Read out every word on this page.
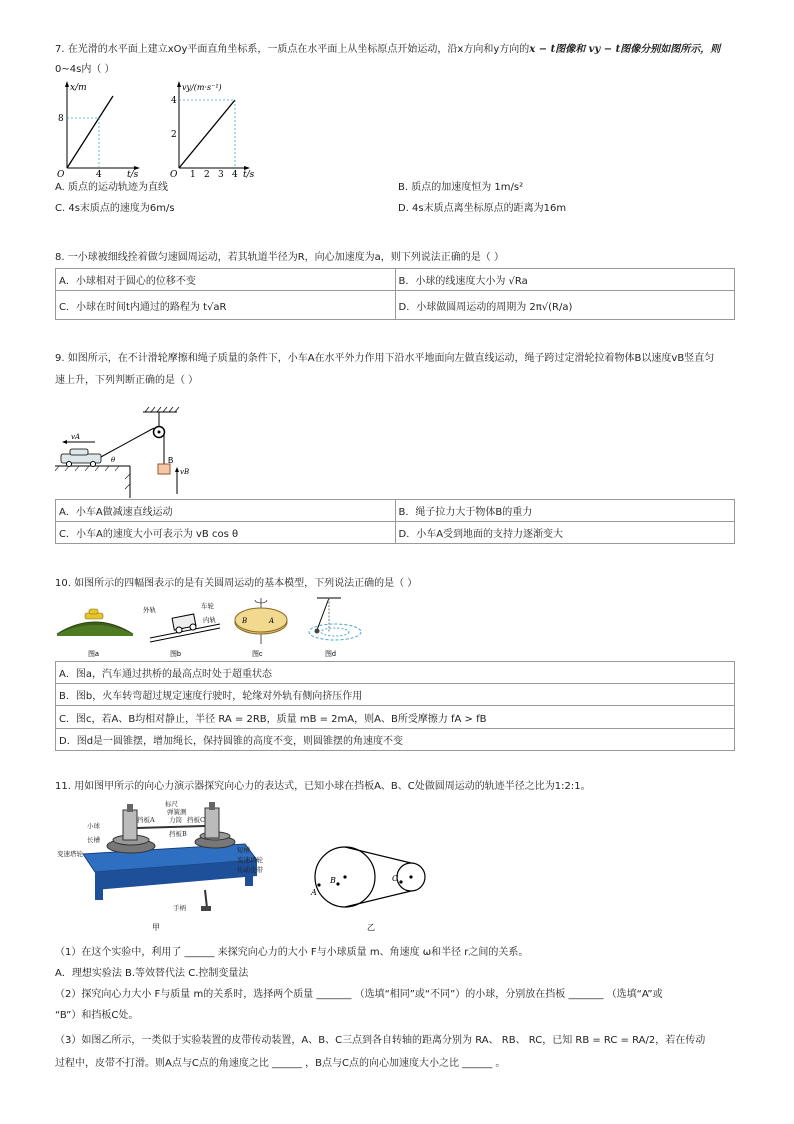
7. 在光滑的水平面上建立xOy平面直角坐标系，一质点在水平面上从坐标原点开始运动，沿x方向和y方向的x − t图像和 vy − t图像分别如图所示，则
0~4s内（ ）
x/m
8
4
O	t/s
vy/(m·s⁻¹)
4
2
1 2 3 4
O	t/s
A. 质点的运动轨迹为直线	B. 质点的加速度恒为 1m/s²
C. 4s末质点的速度为6m/s	D. 4s末质点离坐标原点的距离为16m
8. 一小球被细线拴着做匀速圆周运动，若其轨道半径为R，向心加速度为a，则下列说法正确的是（ ）
A．小球相对于圆心的位移不变	B．小球的线速度大小为 √Ra
C．小球在时间t内通过的路程为 t√aR	D．小球做圆周运动的周期为 2π√(R/a)
9. 如图所示，在不计滑轮摩擦和绳子质量的条件下，小车A在水平外力作用下沿水平地面向左做直线运动，绳子跨过定滑轮拉着物体B以速度vB竖直匀
速上升，下列判断正确的是（ ）
B
vB
vA
θ
A．小车A做减速直线运动	B．绳子拉力大于物体B的重力
C．小车A的速度大小可表示为 vB cos θ	D．小车A受到地面的支持力逐渐变大
10. 如图所示的四幅图表示的是有关圆周运动的基本模型，下列说法正确的是（ ）
图a
外轨
车轮
内轨
图b
B	A
图c	图d
A．图a，汽车通过拱桥的最高点时处于超重状态
B．图b，火车转弯超过规定速度行驶时，轮缘对外轨有侧向挤压作用
C．图c，若A、B均相对静止，半径 RA = 2RB，质量 mB = 2mA，则A、B所受摩擦力 fA > fB
D．图d是一圆锥摆，增加绳长，保持圆锥的高度不变，则圆锥摆的角速度不变
11. 用如图甲所示的向心力演示器探究向心力的表达式，已知小球在挡板A、B、C处做圆周运动的轨迹半径之比为1:2:1。
标尺
弹簧测
力筒
挡板A
挡板B
挡板C
小球
长槽
变速塔轮	短槽
变速塔轮
传动皮带
手柄
甲
A
B	C
乙
（1）在这个实验中，利用了 ______ 来探究向心力的大小 F与小球质量 m、角速度 ω和半径 r之间的关系。
A．理想实验法 B.等效替代法 C.控制变量法
（2）探究向心力大小 F与质量 m的关系时，选择两个质量 _______ （选填“相同”或“不同”）的小球，分别放在挡板 _______ （选填“A”或
“B”）和挡板C处。
（3）如图乙所示，一类似于实验装置的皮带传动装置，A、B、C三点到各自转轴的距离分别为 RA、 RB、 RC，已知 RB = RC = RA/2，若在传动
过程中，皮带不打滑。则A点与C点的角速度之比 ______ ，B点与C点的向心加速度大小之比 ______ 。
